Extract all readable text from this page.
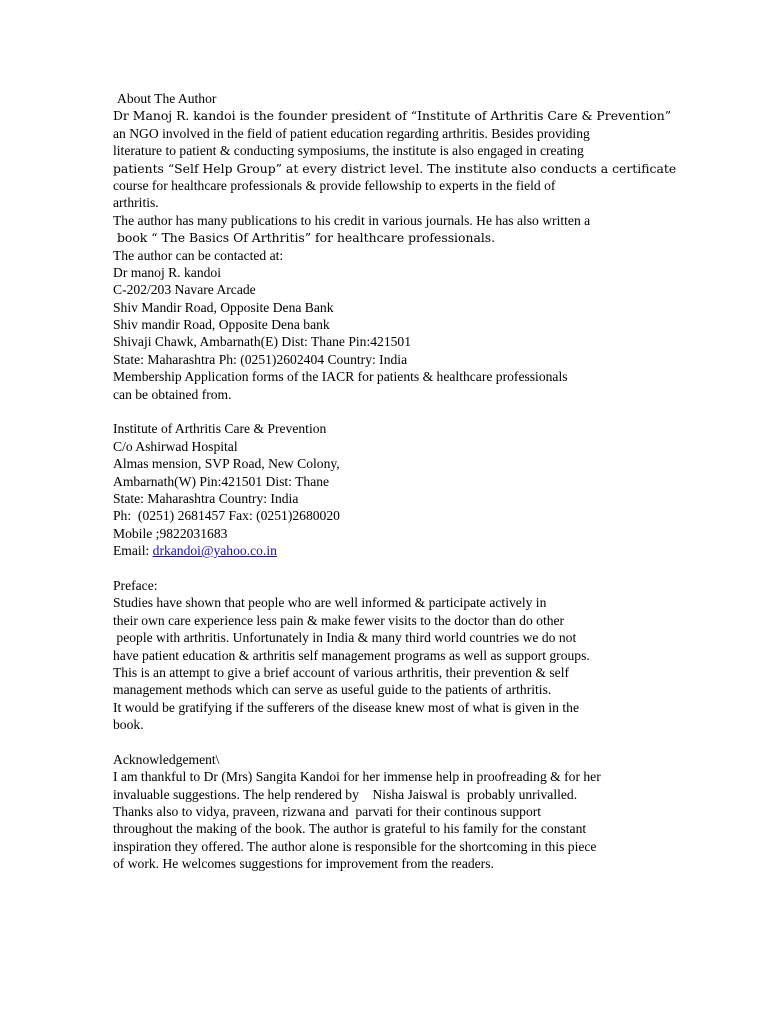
About The Author
Dr Manoj R. kandoi is the founder president of “Institute of Arthritis Care & Prevention”
an NGO involved in the field of patient education regarding arthritis. Besides providing
literature to patient & conducting symposiums, the institute is also engaged in creating
patients “Self Help Group” at every district level. The institute also conducts a certificate
course for healthcare professionals & provide fellowship to experts in the field of
arthritis.
The author has many publications to his credit in various journals. He has also written a
book “ The Basics Of Arthritis” for healthcare professionals.
The author can be contacted at:
Dr manoj R. kandoi
C-202/203 Navare Arcade
Shiv Mandir Road, Opposite Dena Bank
Shiv mandir Road, Opposite Dena bank
Shivaji Chawk, Ambarnath(E) Dist: Thane Pin:421501
State: Maharashtra Ph: (0251)2602404 Country: India
Membership Application forms of the IACR for patients & healthcare professionals
can be obtained from.
Institute of Arthritis Care & Prevention
C/o Ashirwad Hospital
Almas mension, SVP Road, New Colony,
Ambarnath(W) Pin:421501 Dist: Thane
State: Maharashtra Country: India
Ph:  (0251) 2681457 Fax: (0251)2680020
Mobile ;9822031683
Email: drkandoi@yahoo.co.in
Preface:
Studies have shown that people who are well informed & participate actively in
their own care experience less pain & make fewer visits to the doctor than do other
people with arthritis. Unfortunately in India & many third world countries we do not
have patient education & arthritis self management programs as well as support groups.
This is an attempt to give a brief account of various arthritis, their prevention & self
management methods which can serve as useful guide to the patients of arthritis.
It would be gratifying if the sufferers of the disease knew most of what is given in the
book.
Acknowledgement\
I am thankful to Dr (Mrs) Sangita Kandoi for her immense help in proofreading & for her
invaluable suggestions. The help rendered by    Nisha Jaiswal is  probably unrivalled.
Thanks also to vidya, praveen, rizwana and  parvati for their continous support
throughout the making of the book. The author is grateful to his family for the constant
inspiration they offered. The author alone is responsible for the shortcoming in this piece
of work. He welcomes suggestions for improvement from the readers.
